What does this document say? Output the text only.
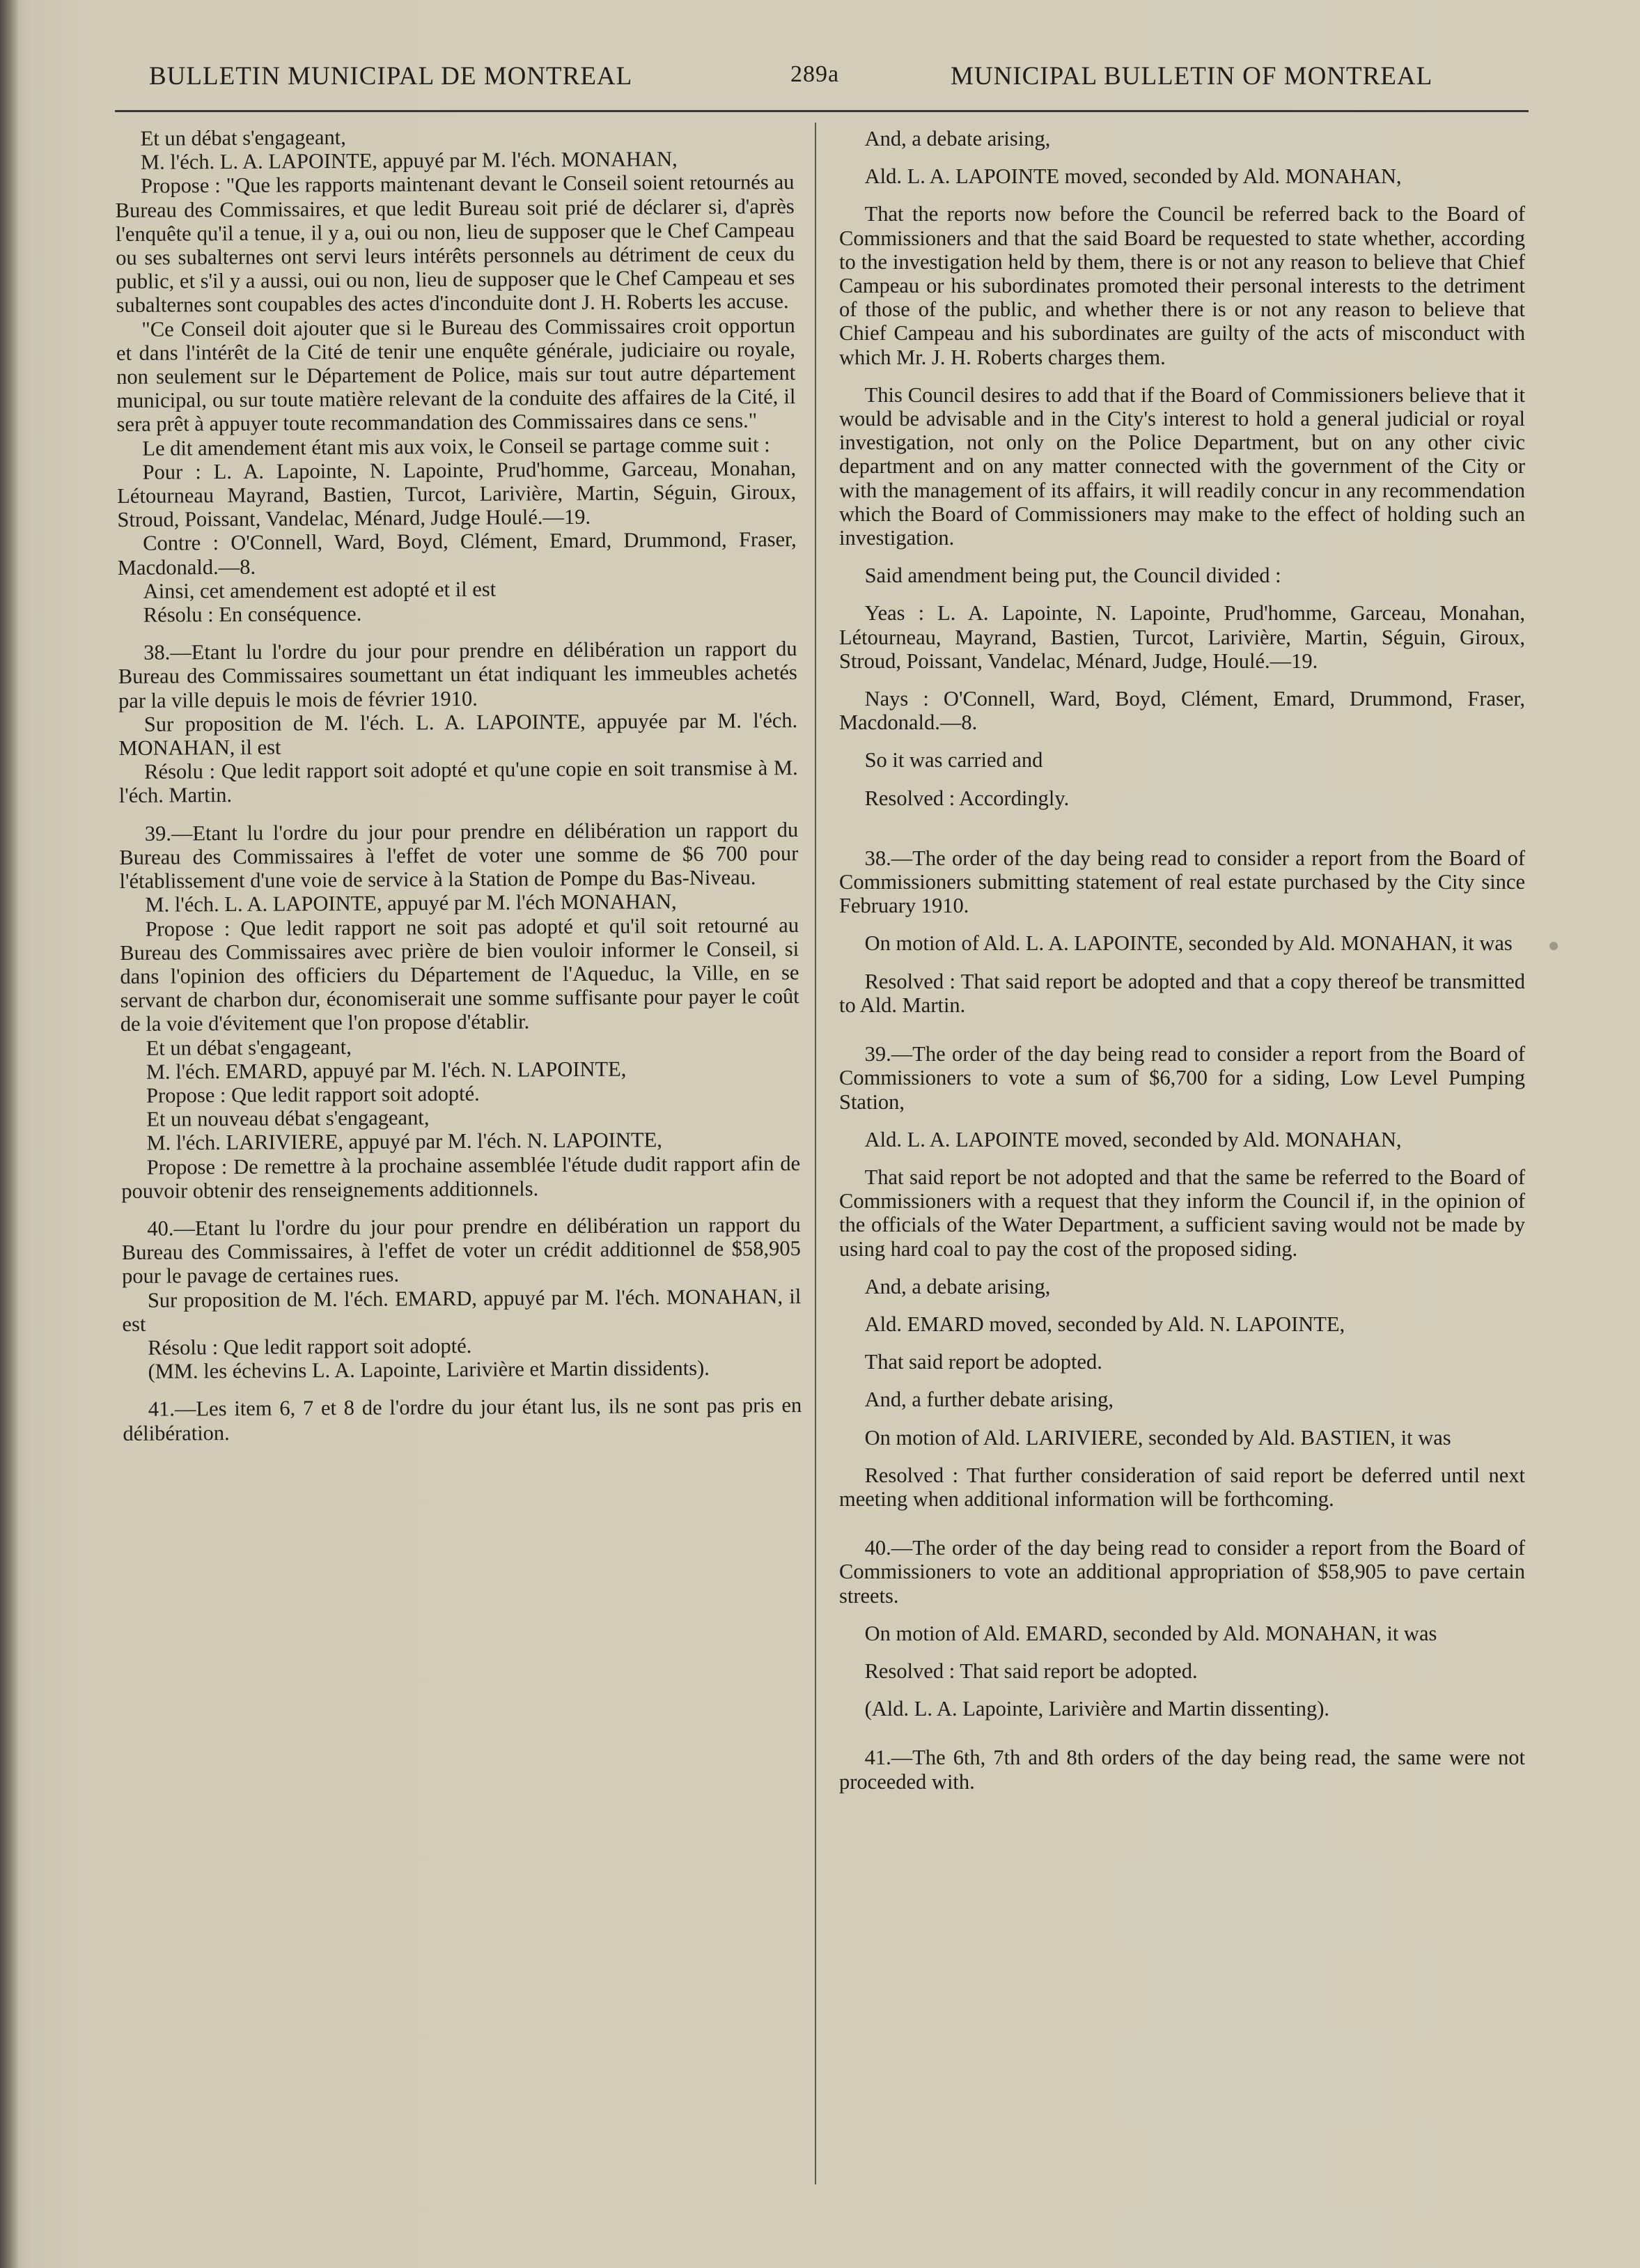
BULLETIN MUNICIPAL DE MONTREAL	289a	MUNICIPAL BULLETIN OF MONTREAL

Et un débat s'engageant,

M. l'éch. L. A. LAPOINTE, appuyé par M. l'éch. MONAHAN,

Propose : "Que les rapports maintenant devant le Conseil soient retournés au Bureau des Commissaires, et que ledit Bureau soit prié de déclarer si, d'après l'enquête qu'il a tenue, il y a, oui ou non, lieu de supposer que le Chef Campeau ou ses subalternes ont servi leurs intérêts personnels au détriment de ceux du public, et s'il y a aussi, oui ou non, lieu de supposer que le Chef Campeau et ses subalternes sont coupables des actes d'inconduite dont J. H. Roberts les accuse.

"Ce Conseil doit ajouter que si le Bureau des Commissaires croit opportun et dans l'intérêt de la Cité de tenir une enquête générale, judiciaire ou royale, non seulement sur le Département de Police, mais sur tout autre département municipal, ou sur toute matière relevant de la conduite des affaires de la Cité, il sera prêt à appuyer toute recommandation des Commissaires dans ce sens."

Le dit amendement étant mis aux voix, le Conseil se partage comme suit :

Pour : L. A. Lapointe, N. Lapointe, Prud'homme, Garceau, Monahan, Létourneau Mayrand, Bastien, Turcot, Larivière, Martin, Séguin, Giroux, Stroud, Poissant, Vandelac, Ménard, Judge Houlé.—19.

Contre : O'Connell, Ward, Boyd, Clément, Emard, Drummond, Fraser, Macdonald.—8.

Ainsi, cet amendement est adopté et il est

Résolu : En conséquence.

38.—Etant lu l'ordre du jour pour prendre en délibération un rapport du Bureau des Commissaires soumettant un état indiquant les immeubles achetés par la ville depuis le mois de février 1910.

Sur proposition de M. l'éch. L. A. LAPOINTE, appuyée par M. l'éch. MONAHAN, il est

Résolu : Que ledit rapport soit adopté et qu'une copie en soit transmise à M. l'éch. Martin.

39.—Etant lu l'ordre du jour pour prendre en délibération un rapport du Bureau des Commissaires à l'effet de voter une somme de $6 700 pour l'établissement d'une voie de service à la Station de Pompe du Bas-Niveau.

M. l'éch. L. A. LAPOINTE, appuyé par M. l'éch MONAHAN,

Propose : Que ledit rapport ne soit pas adopté et qu'il soit retourné au Bureau des Commissaires avec prière de bien vouloir informer le Conseil, si dans l'opinion des officiers du Département de l'Aqueduc, la Ville, en se servant de charbon dur, économiserait une somme suffisante pour payer le coût de la voie d'évitement que l'on propose d'établir.

Et un débat s'engageant,

M. l'éch. EMARD, appuyé par M. l'éch. N. LAPOINTE,

Propose : Que ledit rapport soit adopté.

Et un nouveau débat s'engageant,

M. l'éch. LARIVIERE, appuyé par M. l'éch. N. LAPOINTE,

Propose : De remettre à la prochaine assemblée l'étude dudit rapport afin de pouvoir obtenir des renseignements additionnels.

40.—Etant lu l'ordre du jour pour prendre en délibération un rapport du Bureau des Commissaires, à l'effet de voter un crédit additionnel de $58,905 pour le pavage de certaines rues.

Sur proposition de M. l'éch. EMARD, appuyé par M. l'éch. MONAHAN, il est

Résolu : Que ledit rapport soit adopté.

(MM. les échevins L. A. Lapointe, Larivière et Martin dissidents).

41.—Les item 6, 7 et 8 de l'ordre du jour étant lus, ils ne sont pas pris en délibération.

And, a debate arising,

Ald. L. A. LAPOINTE moved, seconded by Ald. MONAHAN,

That the reports now before the Council be referred back to the Board of Commissioners and that the said Board be requested to state whether, according to the investigation held by them, there is or not any reason to believe that Chief Campeau or his subordinates promoted their personal interests to the detriment of those of the public, and whether there is or not any reason to believe that Chief Campeau and his subordinates are guilty of the acts of misconduct with which Mr. J. H. Roberts charges them.

This Council desires to add that if the Board of Commissioners believe that it would be advisable and in the City's interest to hold a general judicial or royal investigation, not only on the Police Department, but on any other civic department and on any matter connected with the government of the City or with the management of its affairs, it will readily concur in any recommendation which the Board of Commissioners may make to the effect of holding such an investigation.

Said amendment being put, the Council divided :

Yeas : L. A. Lapointe, N. Lapointe, Prud'homme, Garceau, Monahan, Létourneau, Mayrand, Bastien, Turcot, Larivière, Martin, Séguin, Giroux, Stroud, Poissant, Vandelac, Ménard, Judge, Houlé.—19.

Nays : O'Connell, Ward, Boyd, Clément, Emard, Drummond, Fraser, Macdonald.—8.

So it was carried and

Resolved : Accordingly.

38.—The order of the day being read to consider a report from the Board of Commissioners submitting statement of real estate purchased by the City since February 1910.

On motion of Ald. L. A. LAPOINTE, seconded by Ald. MONAHAN, it was

Resolved : That said report be adopted and that a copy thereof be transmitted to Ald. Martin.

39.—The order of the day being read to consider a report from the Board of Commissioners to vote a sum of $6,700 for a siding, Low Level Pumping Station,

Ald. L. A. LAPOINTE moved, seconded by Ald. MONAHAN,

That said report be not adopted and that the same be referred to the Board of Commissioners with a request that they inform the Council if, in the opinion of the officials of the Water Department, a sufficient saving would not be made by using hard coal to pay the cost of the proposed siding.

And, a debate arising,

Ald. EMARD moved, seconded by Ald. N. LAPOINTE,

That said report be adopted.

And, a further debate arising,

On motion of Ald. LARIVIERE, seconded by Ald. BASTIEN, it was

Resolved : That further consideration of said report be deferred until next meeting when additional information will be forthcoming.

40.—The order of the day being read to consider a report from the Board of Commissioners to vote an additional appropriation of $58,905 to pave certain streets.

On motion of Ald. EMARD, seconded by Ald. MONAHAN, it was

Resolved : That said report be adopted.

(Ald. L. A. Lapointe, Larivière and Martin dissenting).

41.—The 6th, 7th and 8th orders of the day being read, the same were not proceeded with.
